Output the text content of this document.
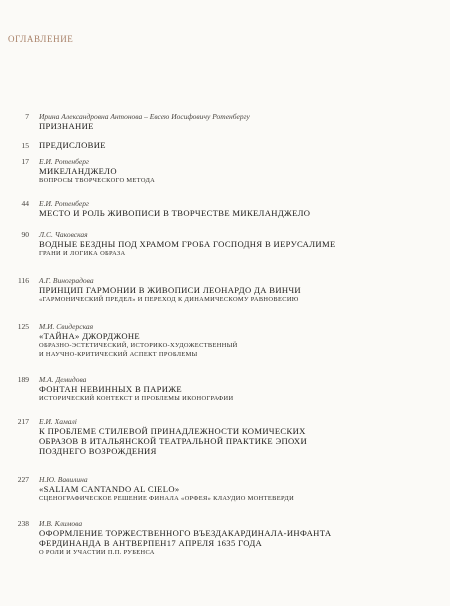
оглавление
7 Ирина Александровна Антонова – Евсею Иосифовичу Ротенбергу
ПРИЗНАНИЕ
15 ПРЕДИСЛОВИЕ
17 Е.И. Ротенберг
МИКЕЛАНДЖЕЛО
ВОПРОСЫ ТВОРЧЕСКОГО МЕТОДА
44 Е.И. Ротенберг
МЕСТО И РОЛЬ ЖИВОПИСИ В ТВОРЧЕСТВЕ МИКЕЛАНДЖЕЛО
90 Л.С. Чаковская
ВОДНЫЕ БЕЗДНЫ ПОД ХРАМОМ ГРОБА ГОСПОДНЯ В ИЕРУСАЛИМЕ
ГРАНИ И ЛОГИКА ОБРАЗА
116 А.Г. Виноградова
ПРИНЦИП ГАРМОНИИ В ЖИВОПИСИ ЛЕОНАРДО ДА ВИНЧИ
«ГАРМОНИЧЕСКИЙ ПРЕДЕЛ» И ПЕРЕХОД К ДИНАМИЧЕСКОМУ РАВНОВЕСИЮ
125 М.И. Свидерская
«ТАЙНА» ДЖОРДЖОНЕ
ОБРАЗНО-ЭСТЕТИЧЕСКИЙ, ИСТОРИКО-ХУДОЖЕСТВЕННЫЙ
И НАУЧНО-КРИТИЧЕСКИЙ АСПЕКТ ПРОБЛЕМЫ
189 М.А. Демидова
ФОНТАН НЕВИННЫХ В ПАРИЖЕ
ИСТОРИЧЕСКИЙ КОНТЕКСТ И ПРОБЛЕМЫ ИКОНОГРАФИИ
217 Е.И. Хамалі
К ПРОБЛЕМЕ СТИЛЕВОЙ ПРИНАДЛЕЖНОСТИ КОМИЧЕСКИХ
ОБРАЗОВ В ИТАЛЬЯНСКОЙ ТЕАТРАЛЬНОЙ ПРАКТИКЕ ЭПОХИ
ПОЗДНЕГО ВОЗРОЖДЕНИЯ
227 Н.Ю. Вавилина
«SALIAM CANTANDO AL CIELO»
СЦЕНОГРАФИЧЕСКОЕ РЕШЕНИЕ ФИНАЛА «ОРФЕЯ» КЛАУДИО МОНТЕВЕРДИ
238 И.В. Климова
ОФОРМЛЕНИЕ ТОРЖЕСТВЕННОГО ВЪЕЗДАКАРДИНАЛА-ИНФАНТА
ФЕРДИНАНДА В АНТВЕРПЕН17 АПРЕЛЯ 1635 ГОДА
О РОЛИ И УЧАСТИИ П.П. РУБЕНСА
